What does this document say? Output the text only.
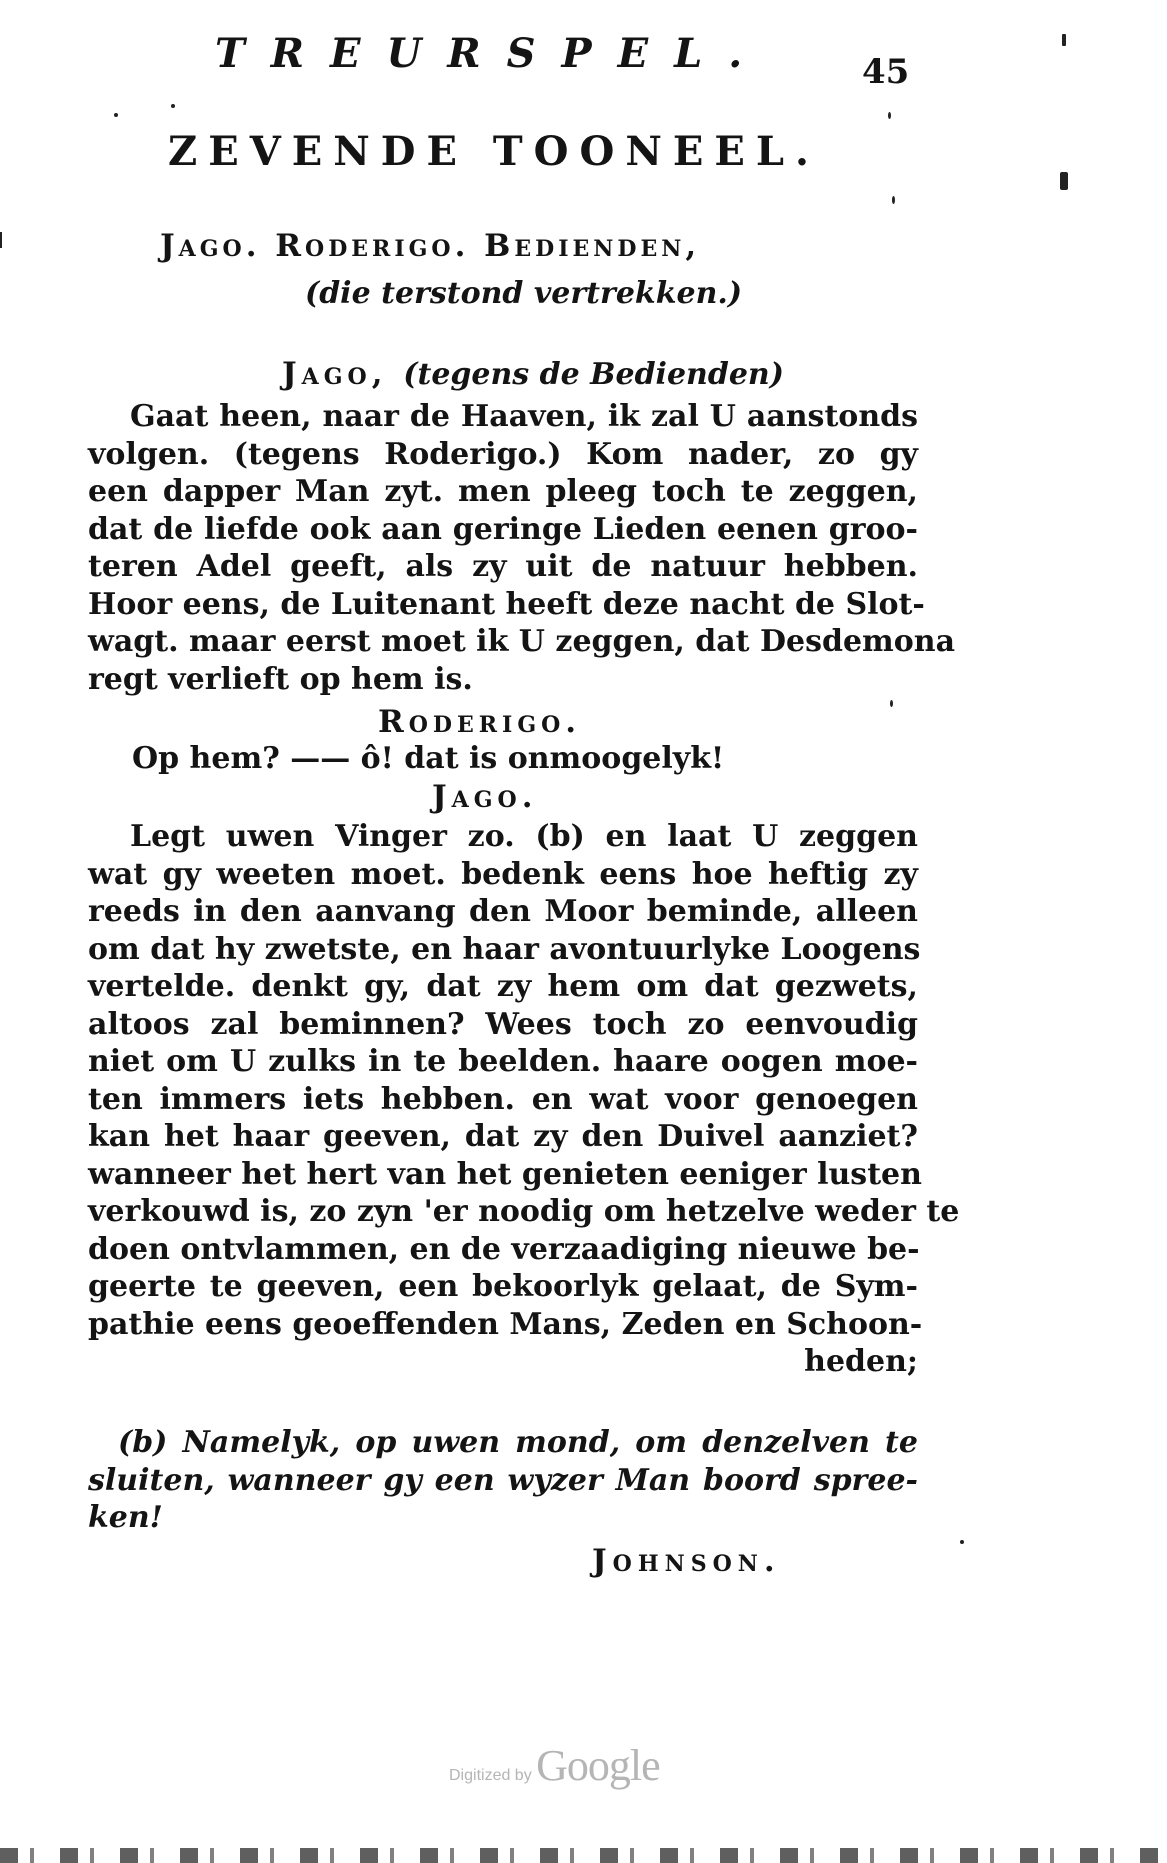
TREURSPEL.	45
ZEVENDE TOONEEL.
Jago. Roderigo. Bedienden,
(die terstond vertrekken.)
Jago, (tegens de Bedienden)
Gaat heen, naar de Haaven, ik zal U aanstonds
volgen. (tegens Roderigo.) Kom nader, zo gy
een dapper Man zyt. men pleeg toch te zeggen,
dat de liefde ook aan geringe Lieden eenen groo-
teren Adel geeft, als zy uit de natuur hebben.
Hoor eens, de Luitenant heeft deze nacht de Slot-
wagt. maar eerst moet ik U zeggen, dat Desdemona
regt verlieft op hem is.
Roderigo.
Op hem? —— ô! dat is onmoogelyk!
Jago.
Legt uwen Vinger zo. (b) en laat U zeggen
wat gy weeten moet. bedenk eens hoe heftig zy
reeds in den aanvang den Moor beminde, alleen
om dat hy zwetste, en haar avontuurlyke Loogens
vertelde. denkt gy, dat zy hem om dat gezwets,
altoos zal beminnen? Wees toch zo eenvoudig
niet om U zulks in te beelden. haare oogen moe-
ten immers iets hebben. en wat voor genoegen
kan het haar geeven, dat zy den Duivel aanziet?
wanneer het hert van het genieten eeniger lusten
verkouwd is, zo zyn 'er noodig om hetzelve weder te
doen ontvlammen, en de verzaadiging nieuwe be-
geerte te geeven, een bekoorlyk gelaat, de Sym-
pathie eens geoeffenden Mans, Zeden en Schoon-
heden;
(b) Namelyk, op uwen mond, om denzelven te
sluiten, wanneer gy een wyzer Man boord spree-
ken!
Johnson.
Digitized by Google
